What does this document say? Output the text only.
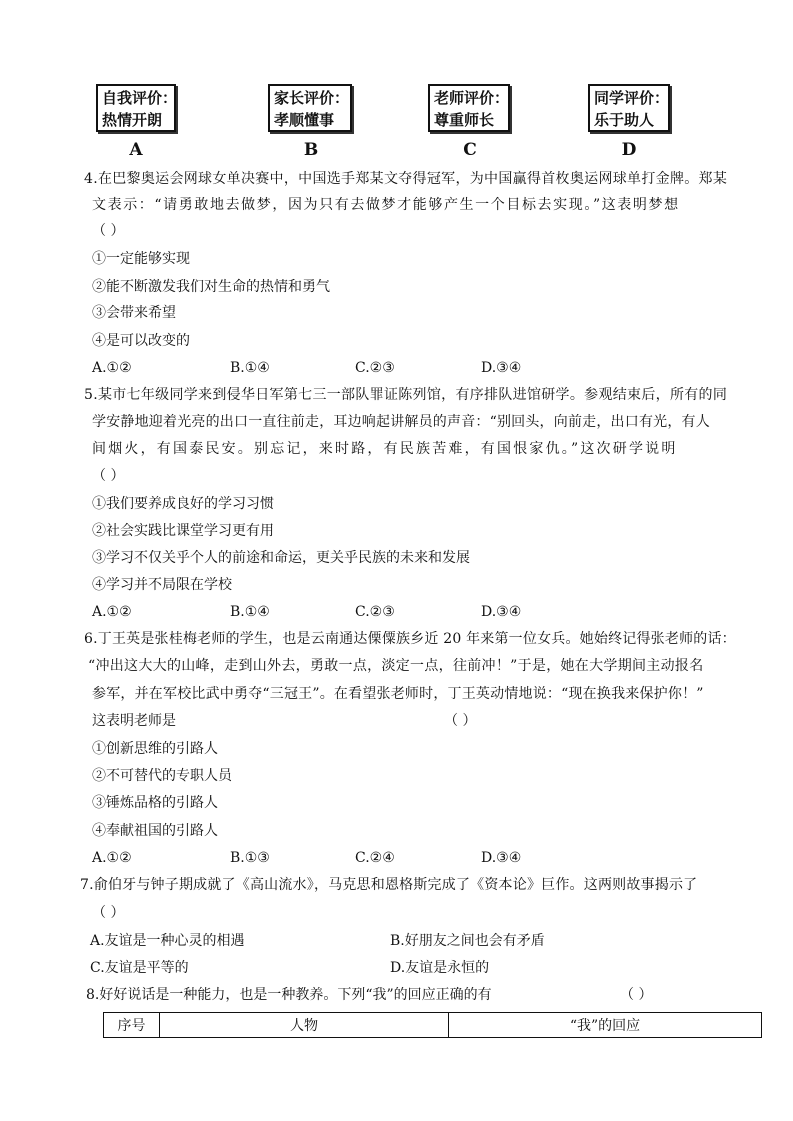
自我评价：
热情开朗
A
家长评价：
孝顺懂事
B
老师评价：
尊重师长
C
同学评价：
乐于助人
D
4.在巴黎奥运会网球女单决赛中，中国选手郑某文夺得冠军，为中国赢得首枚奥运网球单打金牌。郑某
文表示：“请勇敢地去做梦，因为只有去做梦才能够产生一个目标去实现。”这表明梦想
（ ）
①一定能够实现
②能不断激发我们对生命的热情和勇气
③会带来希望
④是可以改变的
A.①②	B.①④	C.②③	D.③④
5.某市七年级同学来到侵华日军第七三一部队罪证陈列馆，有序排队进馆研学。参观结束后，所有的同
学安静地迎着光亮的出口一直往前走，耳边响起讲解员的声音：“别回头，向前走，出口有光，有人
间烟火，有国泰民安。别忘记，来时路，有民族苦难，有国恨家仇。”这次研学说明
（ ）
①我们要养成良好的学习习惯
②社会实践比课堂学习更有用
③学习不仅关乎个人的前途和命运，更关乎民族的未来和发展
④学习并不局限在学校
A.①②	B.①④	C.②③	D.③④
6.丁王英是张桂梅老师的学生，也是云南通达傈僳族乡近 20 年来第一位女兵。她始终记得张老师的话：
“冲出这大大的山峰，走到山外去，勇敢一点，淡定一点，往前冲！”于是，她在大学期间主动报名
参军，并在军校比武中勇夺“三冠王”。在看望张老师时，丁王英动情地说：“现在换我来保护你！”
这表明老师是	（ ）
①创新思维的引路人
②不可替代的专职人员
③锤炼品格的引路人
④奉献祖国的引路人
A.①②	B.①③	C.②④	D.③④
7.俞伯牙与钟子期成就了《高山流水》，马克思和恩格斯完成了《资本论》巨作。这两则故事揭示了
（ ）
A.友谊是一种心灵的相遇	B.好朋友之间也会有矛盾
C.友谊是平等的	D.友谊是永恒的
8.好好说话是一种能力，也是一种教养。下列“我”的回应正确的有	（ ）
序号	人物	“我”的回应
